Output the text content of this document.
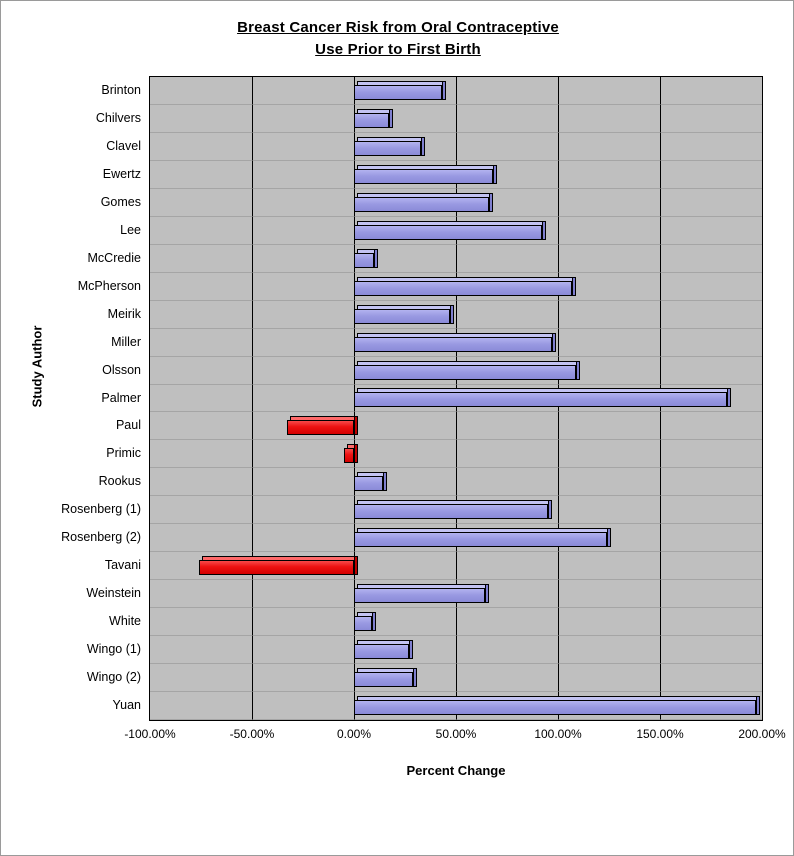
Breast Cancer Risk from Oral Contraceptive
Use Prior to First Birth
Study Author
Percent Change
Brinton
Chilvers
Clavel
Ewertz
Gomes
Lee
McCredie
McPherson
Meirik
Miller
Olsson
Palmer
Paul
Primic
Rookus
Rosenberg (1)
Rosenberg (2)
Tavani
Weinstein
White
Wingo (1)
Wingo (2)
Yuan
-100.00%	-50.00%	0.00%	50.00%	100.00%	150.00%	200.00%
